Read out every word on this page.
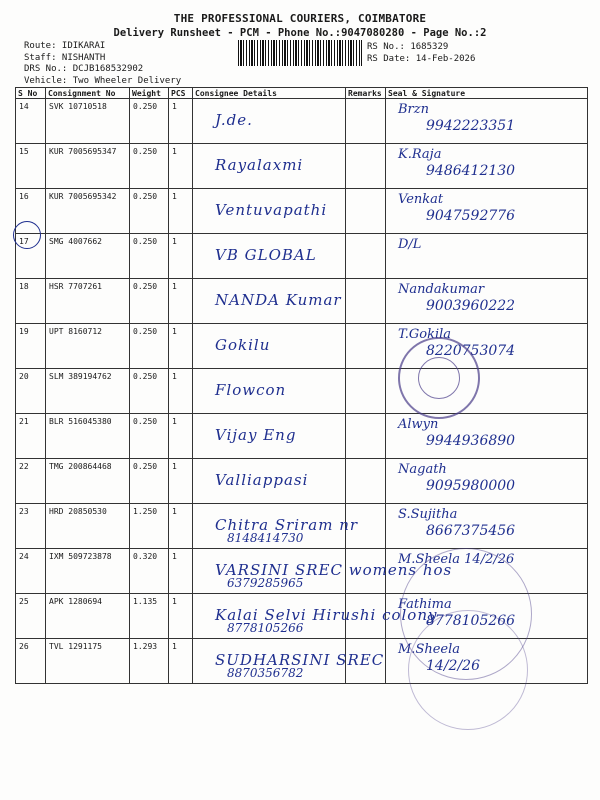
THE PROFESSIONAL COURIERS, COIMBATORE
Delivery Runsheet - PCM - Phone No.:9047080280 - Page No.:2
Route: IDIKARAI
Staff: NISHANTH
DRS No.: DCJB168532902
Vehicle: Two Wheeler Delivery
RS No.: 1685329
RS Date: 14-Feb-2026
S No	Consignment No	Weight	PCS	Consignee Details	Remarks	Seal & Signature
14	SVK 10710518	0.250	1	J.de.		Brzn
9942223351

15	KUR 7005695347	0.250	1	Rayalaxmi		K.Raja
9486412130

16	KUR 7005695342	0.250	1	Ventuvapathi		Venkat
9047592776

17	SMG 4007662	0.250	1	VB GLOBAL		D/L

18	HSR 7707261	0.250	1	NANDA Kumar		Nandakumar
9003960222

19	UPT 8160712	0.250	1	Gokilu		T.Gokila
8220753074

20	SLM 389194762	0.250	1	Flowcon		

21	BLR 516045380	0.250	1	Vijay Eng		Alwyn
9944936890

22	TMG 200864468	0.250	1	Valliappasi		Nagath
9095980000

23	HRD 20850530	1.250	1	Chitra Sriram nr
8148414730		S.Sujitha
8667375456

24	IXM 509723878	0.320	1	VARSINI SREC womens hos
6379285965		M.Sheela 14/2/26

25	APK 1280694	1.135	1	Kalai Selvi Hirushi colony
8778105266		Fathima
8778105266

26	TVL 1291175	1.293	1	SUDHARSINI SREC
8870356782		M.Sheela
14/2/26
